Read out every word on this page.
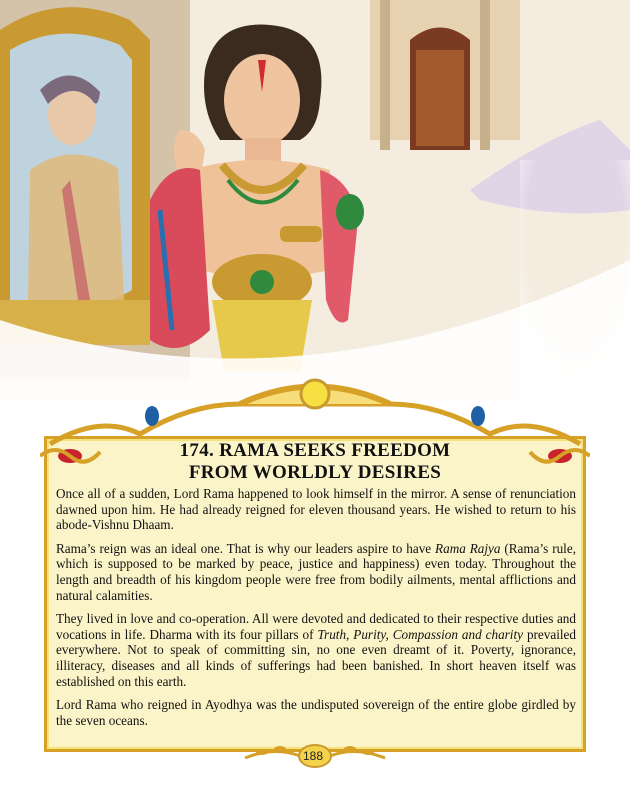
174. RAMA SEEKS FREEDOM
FROM WORLDLY DESIRES

Once all of a sudden, Lord Rama happened to look himself in the mirror. A sense of renunciation dawned upon him. He had already reigned for eleven thousand years. He wished to return to his abode-Vishnu Dhaam.

Rama’s reign was an ideal one. That is why our leaders aspire to have Rama Rajya (Rama’s rule, which is supposed to be marked by peace, justice and happiness) even today. Throughout the length and breadth of his kingdom people were free from bodily ailments, mental afflictions and natural calamities.

They lived in love and co-operation. All were devoted and dedicated to their respective duties and vocations in life. Dharma with its four pillars of Truth, Purity, Compassion and charity prevailed everywhere. Not to speak of committing sin, no one even dreamt of it. Poverty, ignorance, illiteracy, diseases and all kinds of sufferings had been banished. In short heaven itself was established on this earth.

Lord Rama who reigned in Ayodhya was the undisputed sovereign of the entire globe girdled by the seven oceans.

188
